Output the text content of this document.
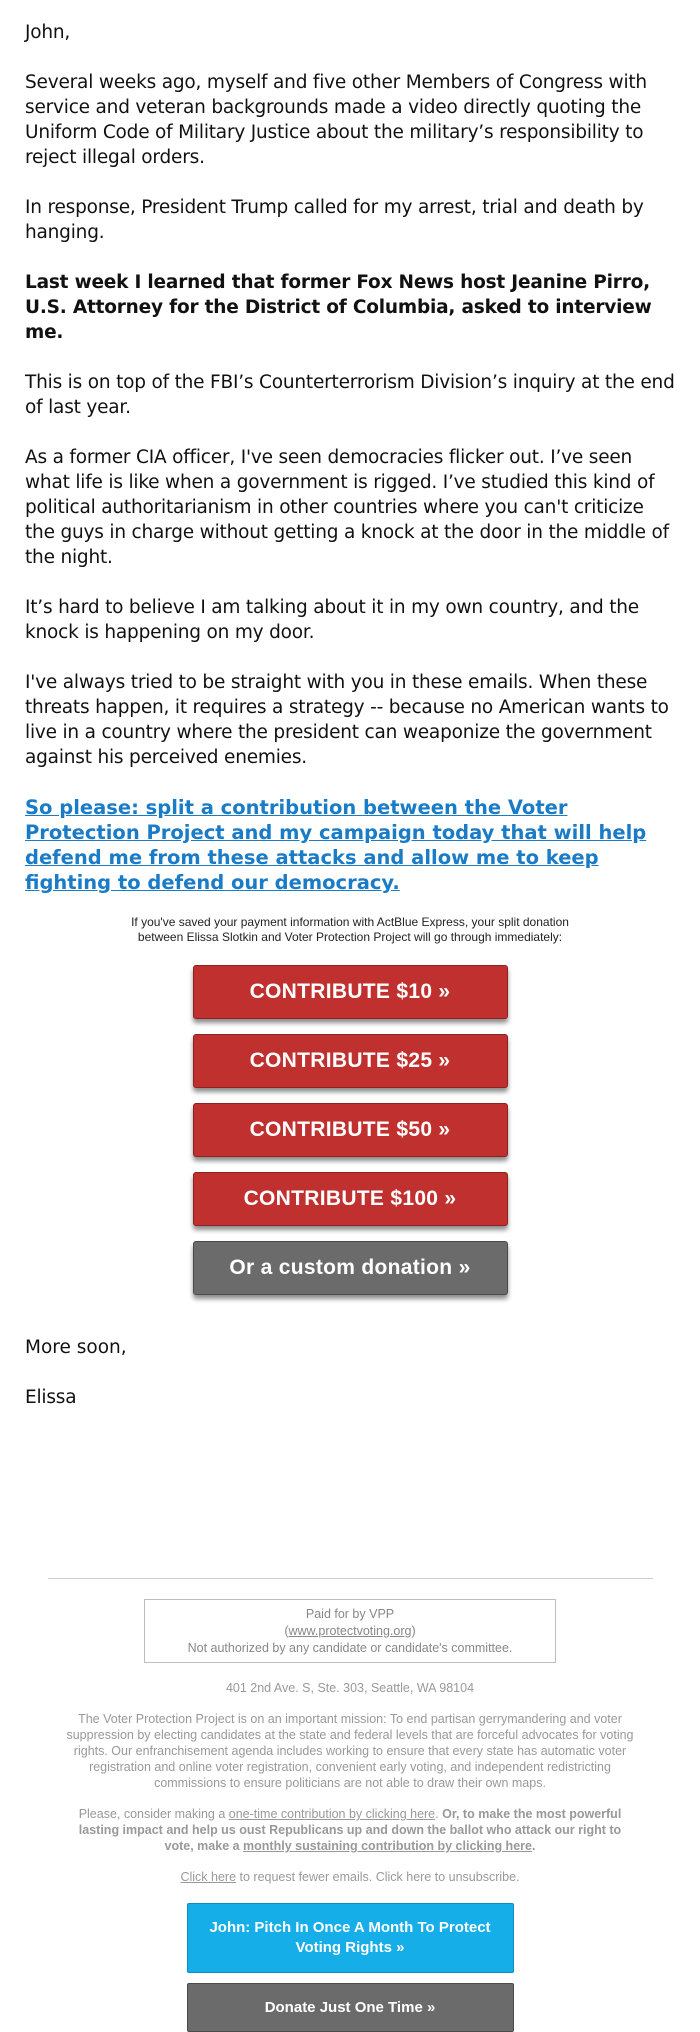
John,

Several weeks ago, myself and five other Members of Congress with service and veteran backgrounds made a video directly quoting the Uniform Code of Military Justice about the military’s responsibility to reject illegal orders.

In response, President Trump called for my arrest, trial and death by hanging.

Last week I learned that former Fox News host Jeanine Pirro, U.S. Attorney for the District of Columbia, asked to interview me.

This is on top of the FBI’s Counterterrorism Division’s inquiry at the end of last year.

As a former CIA officer, I've seen democracies flicker out. I’ve seen what life is like when a government is rigged. I’ve studied this kind of political authoritarianism in other countries where you can't criticize the guys in charge without getting a knock at the door in the middle of the night.

It’s hard to believe I am talking about it in my own country, and the knock is happening on my door.

I've always tried to be straight with you in these emails. When these threats happen, it requires a strategy -- because no American wants to live in a country where the president can weaponize the government against his perceived enemies.

So please: split a contribution between the Voter Protection Project and my campaign today that will help defend me from these attacks and allow me to keep fighting to defend our democracy.
If you've saved your payment information with ActBlue Express, your split donation between Elissa Slotkin and Voter Protection Project will go through immediately:
CONTRIBUTE $10 »
CONTRIBUTE $25 »
CONTRIBUTE $50 »
CONTRIBUTE $100 »
Or a custom donation »

More soon,

Elissa

Paid for by VPP
(www.protectvoting.org)
Not authorized by any candidate or candidate's committee.
401 2nd Ave. S, Ste. 303, Seattle, WA 98104
The Voter Protection Project is on an important mission: To end partisan gerrymandering and voter suppression by electing candidates at the state and federal levels that are forceful advocates for voting rights. Our enfranchisement agenda includes working to ensure that every state has automatic voter registration and online voter registration, convenient early voting, and independent redistricting commissions to ensure politicians are not able to draw their own maps.
Please, consider making a one-time contribution by clicking here. Or, to make the most powerful lasting impact and help us oust Republicans up and down the ballot who attack our right to vote, make a monthly sustaining contribution by clicking here.
Click here to request fewer emails. Click here to unsubscribe.
John: Pitch In Once A Month To Protect Voting Rights »
Donate Just One Time »
